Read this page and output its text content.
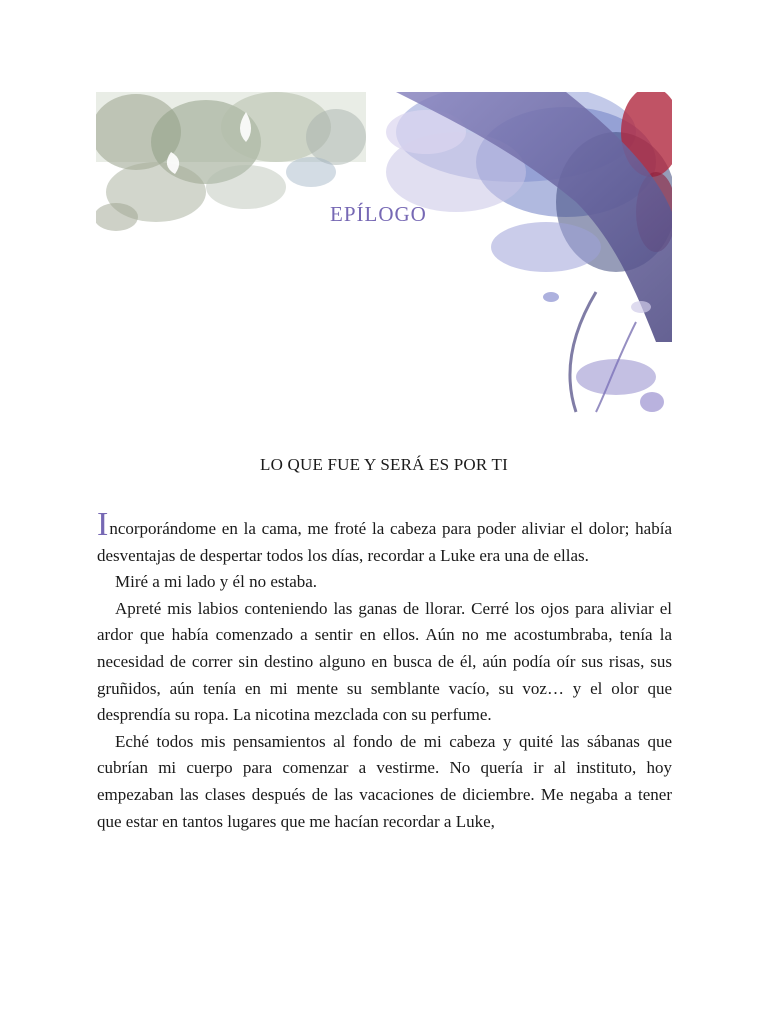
EPÍLOGO
LO QUE FUE Y SERÁ ES POR TI

Incorporándome en la cama, me froté la cabeza para poder aliviar el dolor; había desventajas de despertar todos los días, recordar a Luke era una de ellas.

Miré a mi lado y él no estaba.

Apreté mis labios conteniendo las ganas de llorar. Cerré los ojos para aliviar el ardor que había comenzado a sentir en ellos. Aún no me acostumbraba, tenía la necesidad de correr sin destino alguno en busca de él, aún podía oír sus risas, sus gruñidos, aún tenía en mi mente su semblante vacío, su voz… y el olor que desprendía su ropa. La nicotina mezclada con su perfume.

Eché todos mis pensamientos al fondo de mi cabeza y quité las sábanas que cubrían mi cuerpo para comenzar a vestirme. No quería ir al instituto, hoy empezaban las clases después de las vacaciones de diciembre. Me negaba a tener que estar en tantos lugares que me hacían recordar a Luke,
